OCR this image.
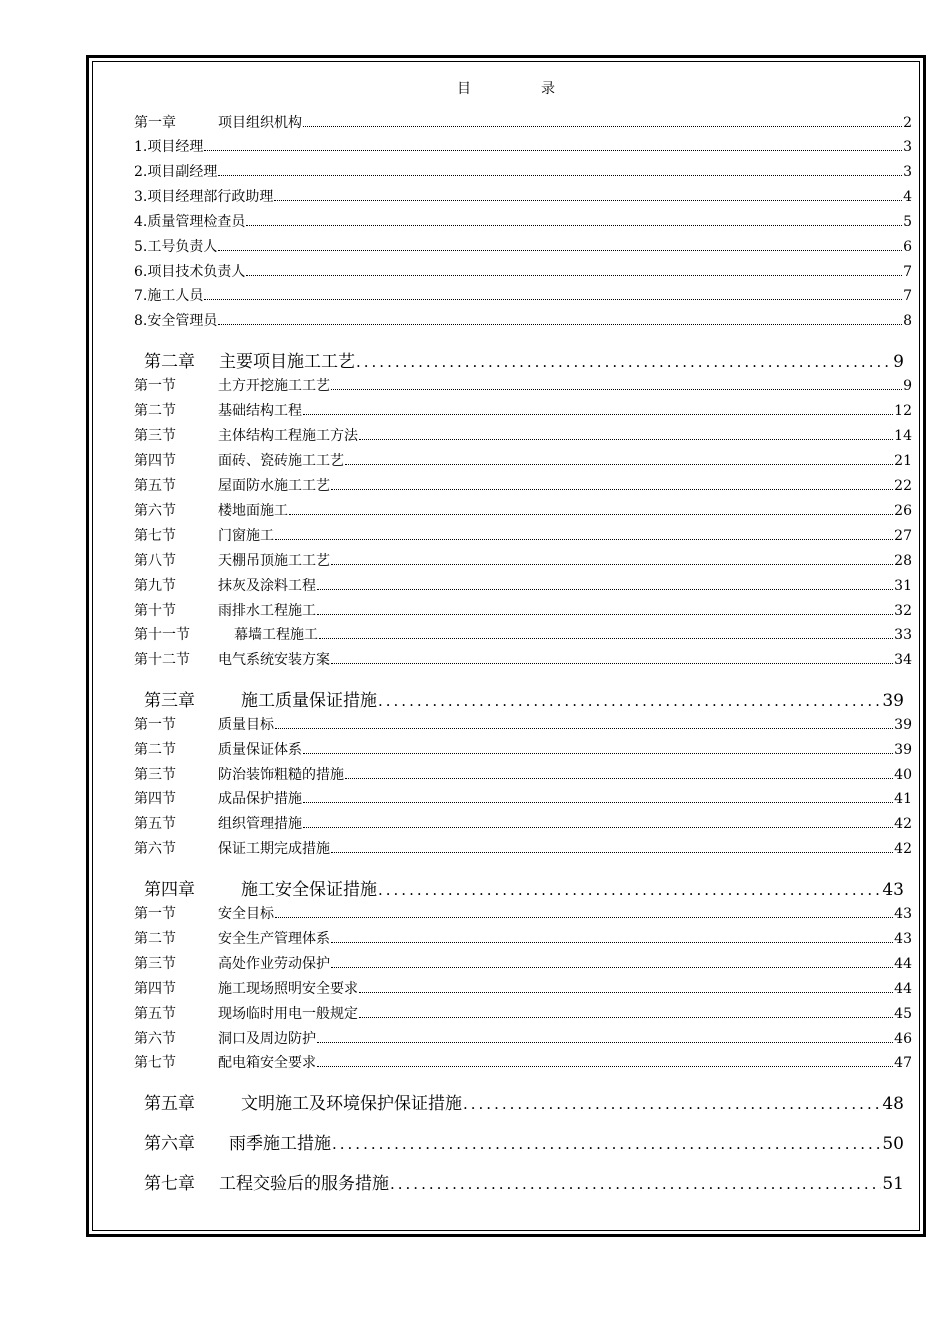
目	录
第一章	项目组织机构	2
1.项目经理	3
2.项目副经理	3
3.项目经理部行政助理	4
4.质量管理检查员	5
5.工号负责人	6
6.项目技术负责人	7
7.施工人员	7
8.安全管理员	8
第二章	主要项目施工工艺 .....	9
第一节	土方开挖施工工艺	9
第二节	基础结构工程	12
第三节	主体结构工程施工方法	14
第四节	面砖、瓷砖施工工艺	21
第五节	屋面防水施工工艺	22
第六节	楼地面施工	26
第七节	门窗施工	27
第八节	天棚吊顶施工工艺	28
第九节	抹灰及涂料工程	31
第十节	雨排水工程施工	32
第十一节	幕墙工程施工	33
第十二节	电气系统安装方案	34
第三章	施工质量保证措施 .....	39
第一节	质量目标	39
第二节	质量保证体系	39
第三节	防治装饰粗糙的措施	40
第四节	成品保护措施	41
第五节	组织管理措施	42
第六节	保证工期完成措施	42
第四章	施工安全保证措施 .....	43
第一节	安全目标	43
第二节	安全生产管理体系	43
第三节	高处作业劳动保护	44
第四节	施工现场照明安全要求	44
第五节	现场临时用电一般规定	45
第六节	洞口及周边防护	46
第七节	配电箱安全要求	47
第五章	文明施工及环境保护保证措施 .....	48
第六章	雨季施工措施 .....	50
第七章	工程交验后的服务措施 .....	51
